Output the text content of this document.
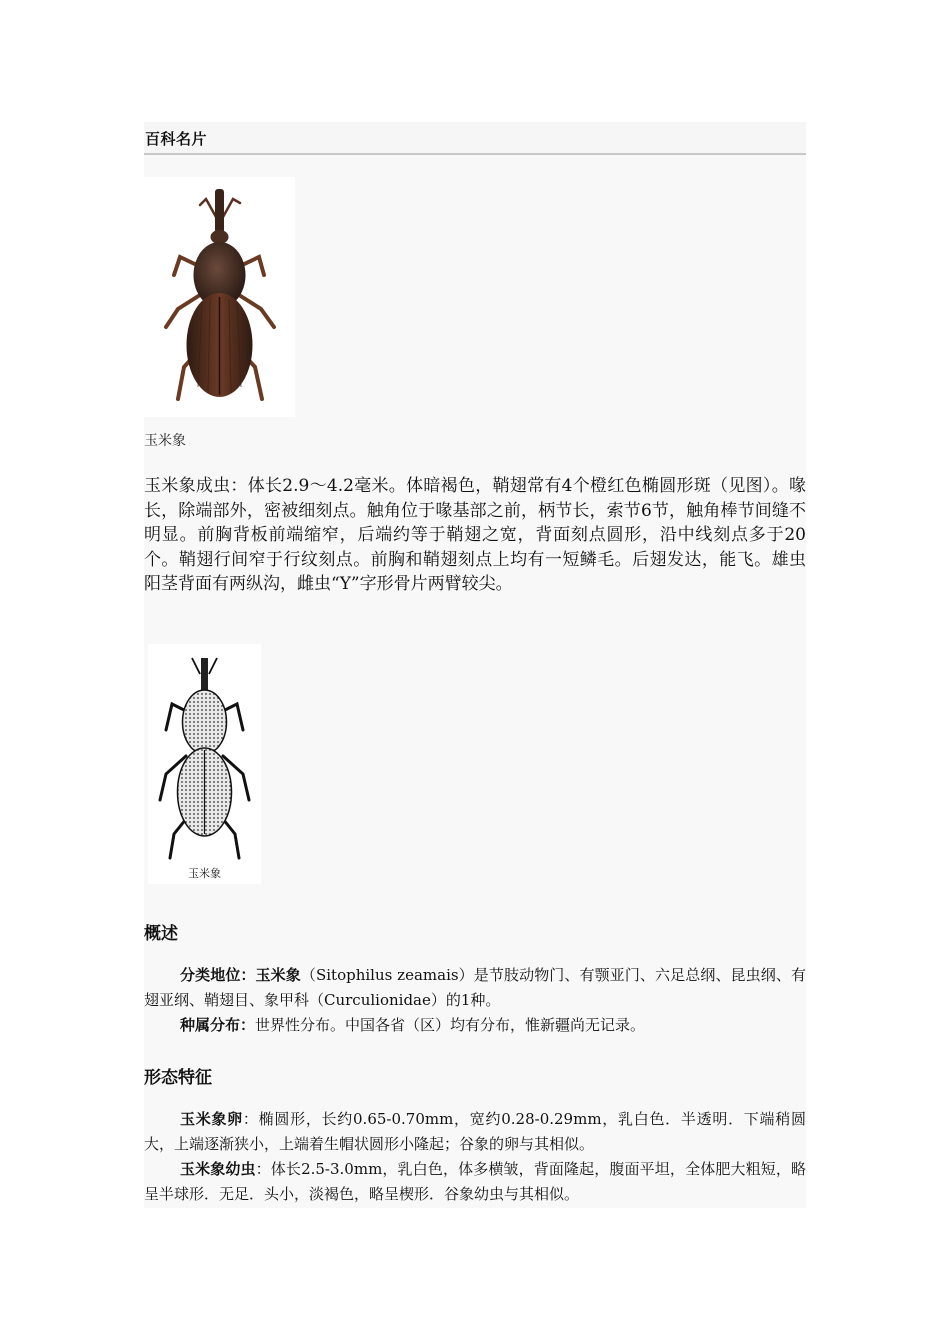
百科名片
玉米象

玉米象成虫：体长2.9～4.2毫米。体暗褐色，鞘翅常有4个橙红色椭圆形斑（见图）。喙长，除端部外，密被细刻点。触角位于喙基部之前，柄节长，索节6节，触角棒节间缝不明显。前胸背板前端缩窄，后端约等于鞘翅之宽，背面刻点圆形，沿中线刻点多于20个。鞘翅行间窄于行纹刻点。前胸和鞘翅刻点上均有一短鳞毛。后翅发达，能飞。雄虫阳茎背面有两纵沟，雌虫“Y”字形骨片两臂较尖。

玉米象
概述

分类地位：玉米象（Sitophilus zeamais）是节肢动物门、有颚亚门、六足总纲、昆虫纲、有翅亚纲、鞘翅目、象甲科（Curculionidae）的1种。

种属分布：世界性分布。中国各省（区）均有分布，惟新疆尚无记录。

形态特征

玉米象卵：椭圆形，长约0.65-0.70mm，宽约0.28-0.29mm，乳白色．半透明．下端稍圆大，上端逐渐狭小，上端着生帽状圆形小隆起；谷象的卵与其相似。

玉米象幼虫：体长2.5-3.0mm，乳白色，体多横皱，背面隆起，腹面平坦，全体肥大粗短，略呈半球形．无足．头小，淡褐色，略呈楔形．谷象幼虫与其相似。
